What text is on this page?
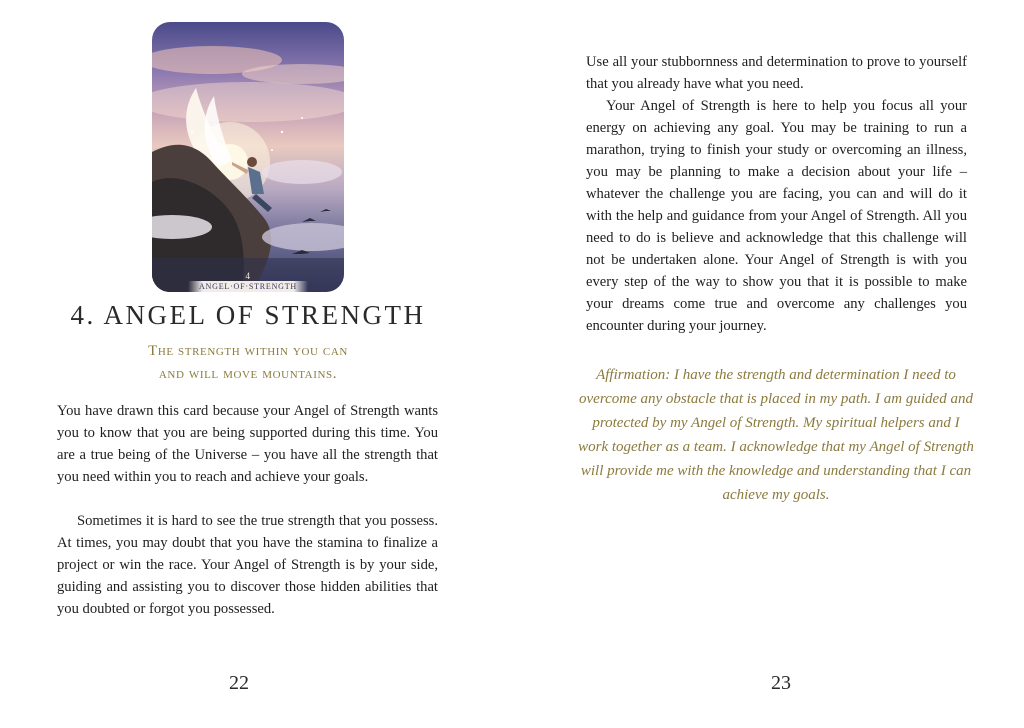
4
ANGEL·OF·STRENGTH
4. ANGEL OF STRENGTH
The strength within you can
and will move mountains.

You have drawn this card because your Angel of Strength wants you to know that you are being supported during this time. You are a true being of the Universe – you have all the strength that you need within you to reach and achieve your goals.

Sometimes it is hard to see the true strength that you possess. At times, you may doubt that you have the stamina to finalize a project or win the race. Your Angel of Strength is by your side, guiding and assisting you to discover those hidden abilities that you doubted or forgot you possessed.

22

Use all your stubbornness and determination to prove to yourself that you already have what you need.

Your Angel of Strength is here to help you focus all your energy on achieving any goal. You may be training to run a marathon, trying to finish your study or overcoming an illness, you may be planning to make a decision about your life – whatever the challenge you are facing, you can and will do it with the help and guidance from your Angel of Strength. All you need to do is believe and acknowledge that this challenge will not be undertaken alone. Your Angel of Strength is with you every step of the way to show you that it is possible to make your dreams come true and overcome any challenges you encounter during your journey.

Affirmation: I have the strength and determination I need to overcome any obstacle that is placed in my path. I am guided and protected by my Angel of Strength. My spiritual helpers and I work together as a team. I acknowledge that my Angel of Strength will provide me with the knowledge and understanding that I can achieve my goals.

23
